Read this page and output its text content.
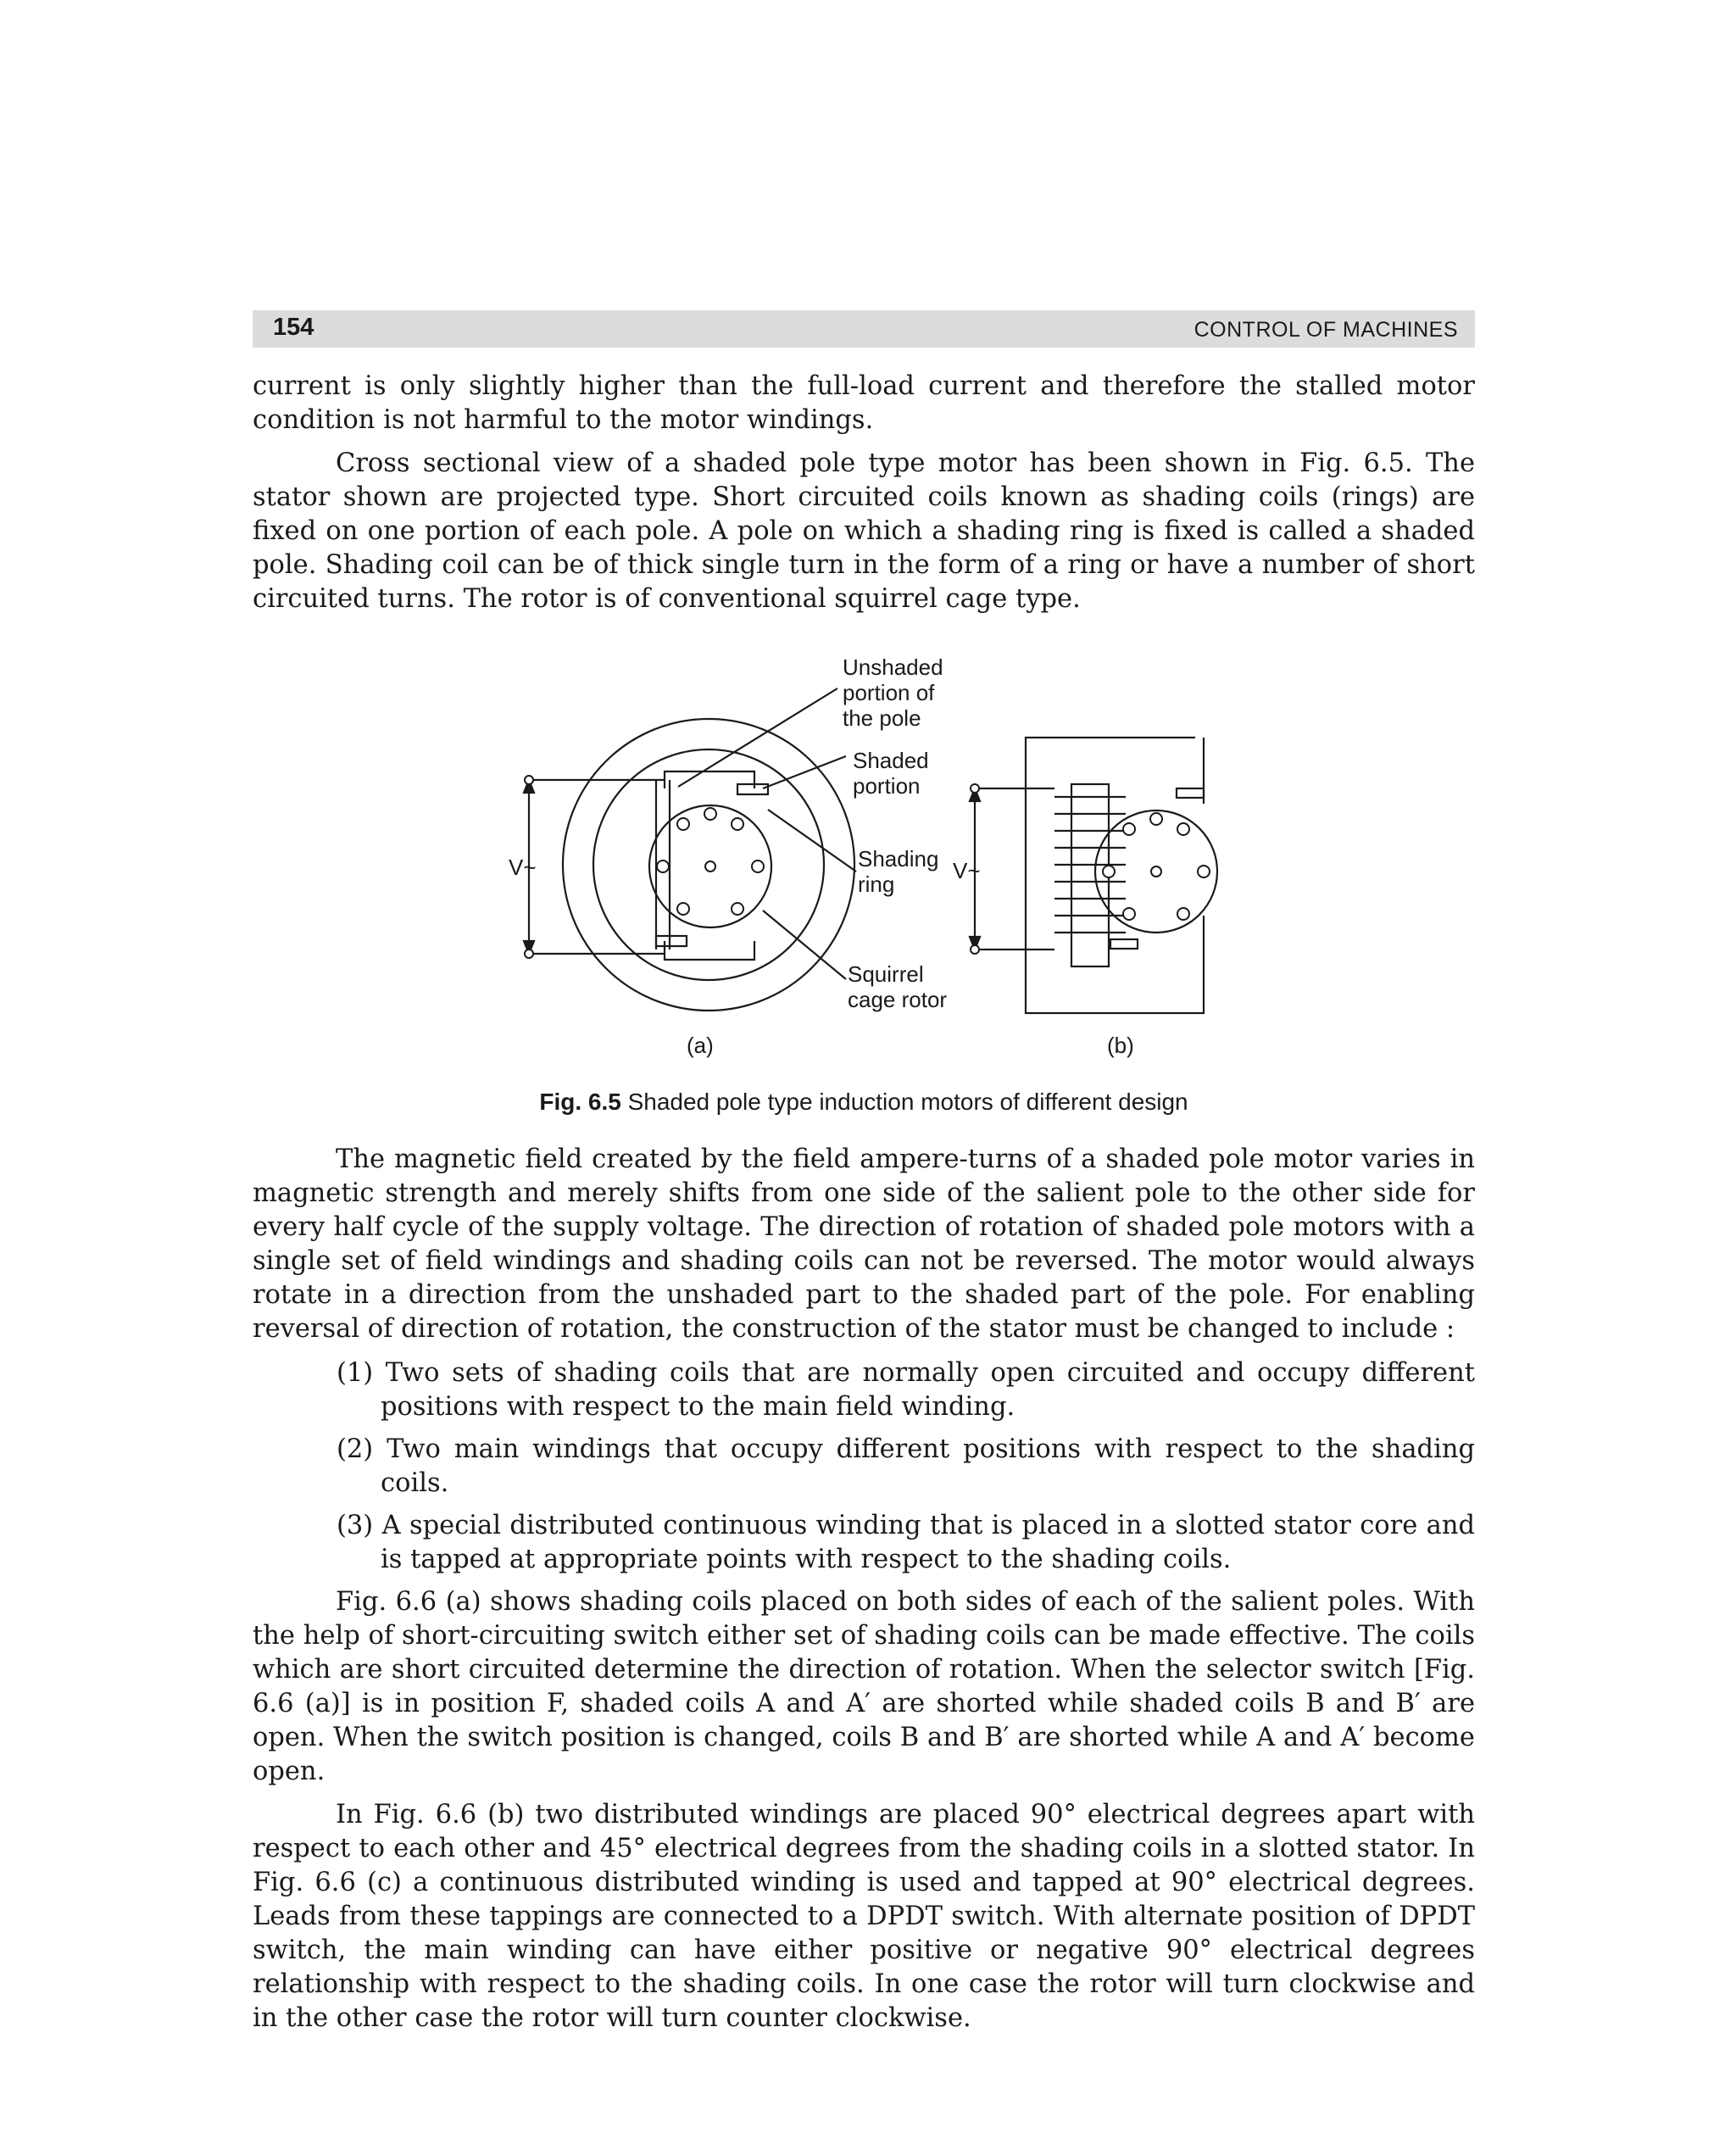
154	CONTROL OF MACHINES

current is only slightly higher than the full-load current and therefore the stalled motor condition is not harmful to the motor windings.

Cross sectional view of a shaded pole type motor has been shown in Fig. 6.5. The stator shown are projected type. Short circuited coils known as shading coils (rings) are fixed on one portion of each pole. A pole on which a shading ring is fixed is called a shaded pole. Shading coil can be of thick single turn in the form of a ring or have a number of short circuited turns. The rotor is of conventional squirrel cage type.

Unshaded
portion of
the pole
Shaded
portion
Shading
ring
Squirrel
cage rotor
V~	V~
(a)	(b)
Fig. 6.5 Shaded pole type induction motors of different design

The magnetic field created by the field ampere-turns of a shaded pole motor varies in magnetic strength and merely shifts from one side of the salient pole to the other side for every half cycle of the supply voltage. The direction of rotation of shaded pole motors with a single set of field windings and shading coils can not be reversed. The motor would always rotate in a direction from the unshaded part to the shaded part of the pole. For enabling reversal of direction of rotation, the construction of the stator must be changed to include :

(1) Two sets of shading coils that are normally open circuited and occupy different positions with respect to the main field winding.

(2) Two main windings that occupy different positions with respect to the shading coils.

(3) A special distributed continuous winding that is placed in a slotted stator core and is tapped at appropriate points with respect to the shading coils.

Fig. 6.6 (a) shows shading coils placed on both sides of each of the salient poles. With the help of short-circuiting switch either set of shading coils can be made effective. The coils which are short circuited determine the direction of rotation. When the selector switch [Fig. 6.6 (a)] is in position F, shaded coils A and A′ are shorted while shaded coils B and B′ are open. When the switch position is changed, coils B and B′ are shorted while A and A′ become open.

In Fig. 6.6 (b) two distributed windings are placed 90° electrical degrees apart with respect to each other and 45° electrical degrees from the shading coils in a slotted stator. In Fig. 6.6 (c) a continuous distributed winding is used and tapped at 90° electrical degrees. Leads from these tappings are connected to a DPDT switch. With alternate position of DPDT switch, the main winding can have either positive or negative 90° electrical degrees relationship with respect to the shading coils. In one case the rotor will turn clockwise and in the other case the rotor will turn counter clockwise.
